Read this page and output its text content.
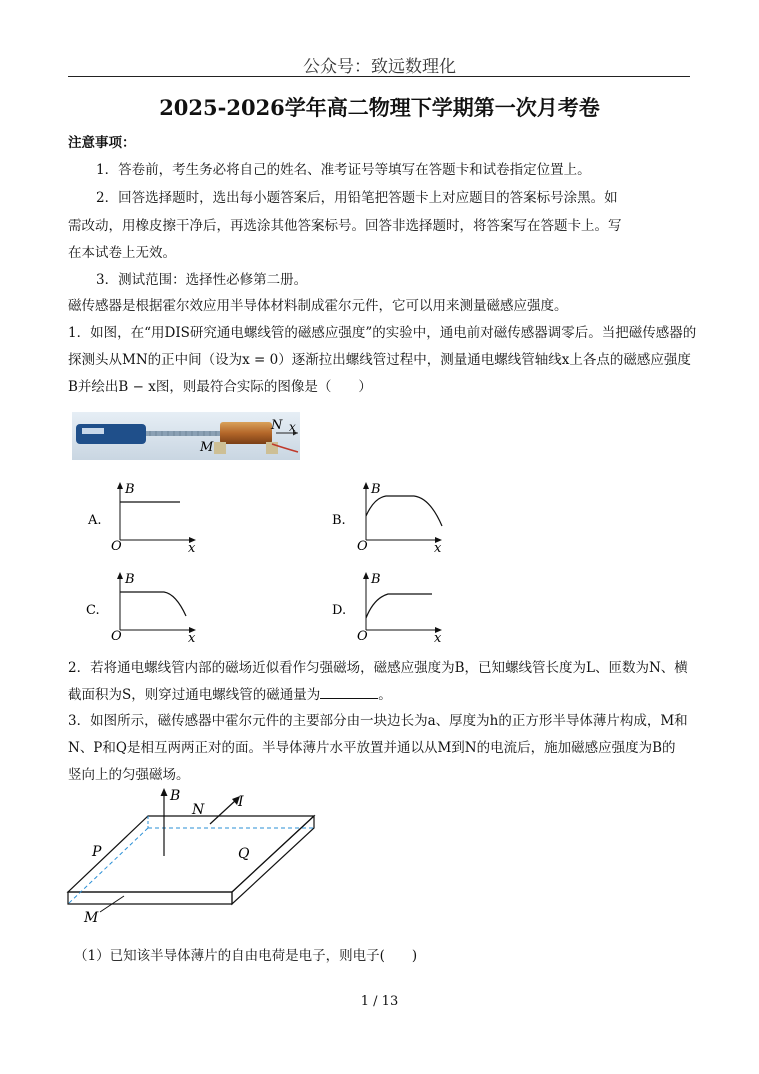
公众号：致远数理化
2025-2026学年高二物理下学期第一次月考卷
注意事项：
1．答卷前，考生务必将自己的姓名、准考证号等填写在答题卡和试卷指定位置上。
2．回答选择题时，选出每小题答案后，用铅笔把答题卡上对应题目的答案标号涂黑。如
需改动，用橡皮擦干净后，再选涂其他答案标号。回答非选择题时，将答案写在答题卡上。写
在本试卷上无效。
3．测试范围：选择性必修第二册。
磁传感器是根据霍尔效应用半导体材料制成霍尔元件，它可以用来测量磁感应强度。
1．如图，在“用DIS研究通电螺线管的磁感应强度”的实验中，通电前对磁传感器调零后。当把磁传感器的
探测头从MN的正中间（设为x = 0）逐渐拉出螺线管过程中，测量通电螺线管轴线x上各点的磁感应强度
B并绘出B − x图，则最符合实际的图像是（　　）
N x
M
A.
B
x
O
B.
B
x
O
C.
B
x
O
D.
B
x
O
2．若将通电螺线管内部的磁场近似看作匀强磁场，磁感应强度为B，已知螺线管长度为L、匝数为N、横
截面积为S，则穿过通电螺线管的磁通量为	。
3．如图所示，磁传感器中霍尔元件的主要部分由一块边长为a、厚度为h的正方形半导体薄片构成，M和
N、P和Q是相互两两正对的面。半导体薄片水平放置并通以从M到N的电流后，施加磁感应强度为B的
竖向上的匀强磁场。
B	I
N
P	Q
M
（1）已知该半导体薄片的自由电荷是电子，则电子(　　)
1 / 13
